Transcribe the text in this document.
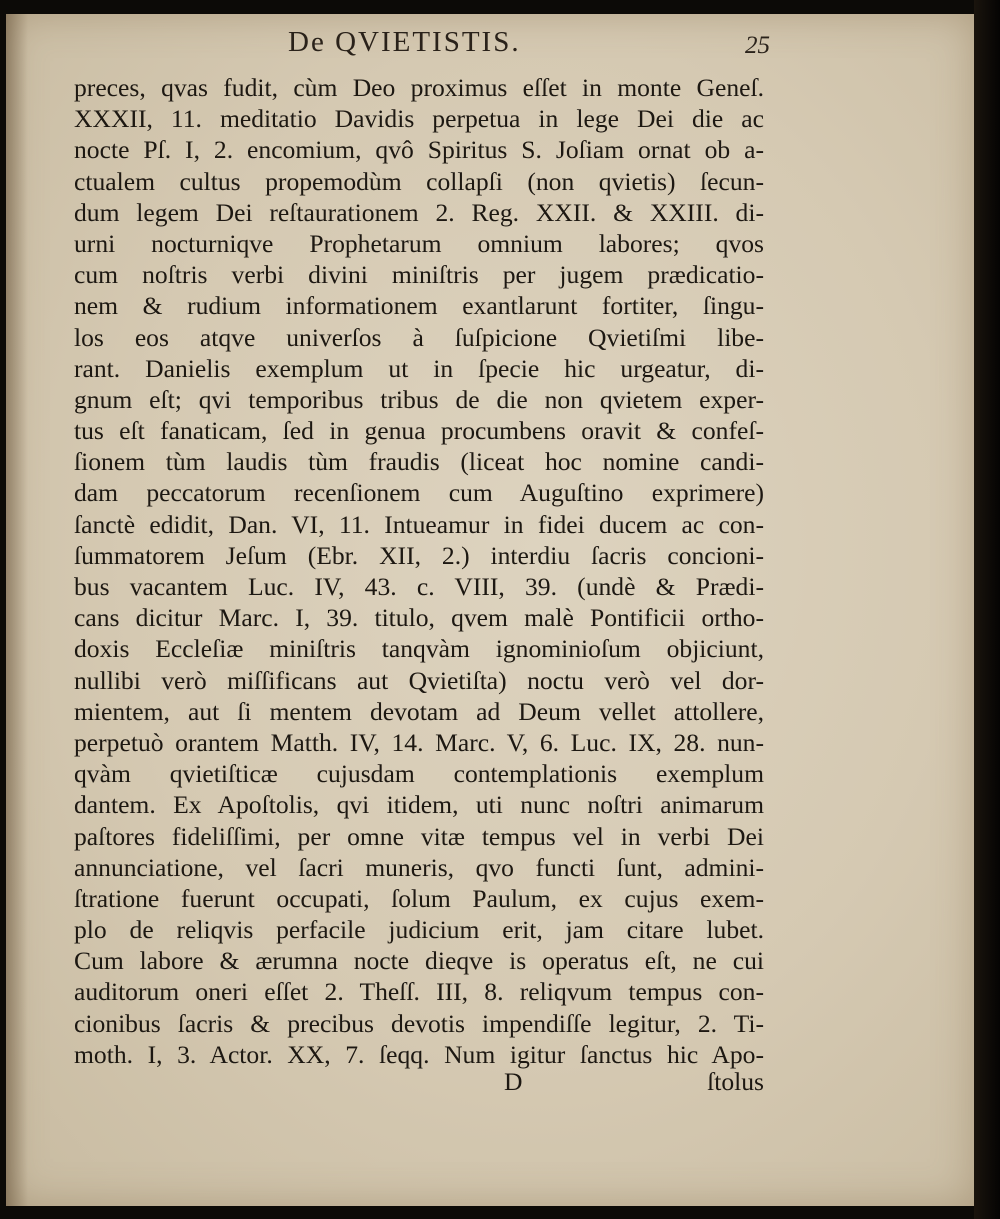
De QVIETISTIS.	25
preces, qvas fudit, cùm Deo proximus eſſet in monte Geneſ.
XXXII, 11. meditatio Davidis perpetua in lege Dei die ac
nocte Pſ. I, 2. encomium, qvô Spiritus S. Joſiam ornat ob a-
ctualem cultus propemodùm collapſi (non qvietis) ſecun-
dum legem Dei reſtaurationem 2. Reg. XXII. & XXIII. di-
urni nocturniqve Prophetarum omnium labores; qvos
cum noſtris verbi divini miniſtris per jugem prædicatio-
nem & rudium informationem exantlarunt fortiter, ſingu-
los eos atqve univerſos à ſuſpicione Qvietiſmi libe-
rant. Danielis exemplum ut in ſpecie hic urgeatur, di-
gnum eſt; qvi temporibus tribus de die non qvietem exper-
tus eſt fanaticam, ſed in genua procumbens oravit & confeſ-
ſionem tùm laudis tùm fraudis (liceat hoc nomine candi-
dam peccatorum recenſionem cum Auguſtino exprimere)
ſanctè edidit, Dan. VI, 11. Intueamur in fidei ducem ac con-
ſummatorem Jeſum (Ebr. XII, 2.) interdiu ſacris concioni-
bus vacantem Luc. IV, 43. c. VIII, 39. (undè & Prædi-
cans dicitur Marc. I, 39. titulo, qvem malè Pontificii ortho-
doxis Eccleſiæ miniſtris tanqvàm ignominioſum objiciunt,
nullibi verò miſſificans aut Qvietiſta) noctu verò vel dor-
mientem, aut ſi mentem devotam ad Deum vellet attollere,
perpetuò orantem Matth. IV, 14. Marc. V, 6. Luc. IX, 28. nun-
qvàm qvietiſticæ cujusdam contemplationis exemplum
dantem. Ex Apoſtolis, qvi itidem, uti nunc noſtri animarum
paſtores fideliſſimi, per omne vitæ tempus vel in verbi Dei
annunciatione, vel ſacri muneris, qvo functi ſunt, admini-
ſtratione fuerunt occupati, ſolum Paulum, ex cujus exem-
plo de reliqvis perfacile judicium erit, jam citare lubet.
Cum labore & ærumna nocte dieqve is operatus eſt, ne cui
auditorum oneri eſſet 2. Theſſ. III, 8. reliqvum tempus con-
cionibus ſacris & precibus devotis impendiſſe legitur, 2. Ti-
moth. I, 3. Actor. XX, 7. ſeqq. Num igitur ſanctus hic Apo-
D	ſtolus
